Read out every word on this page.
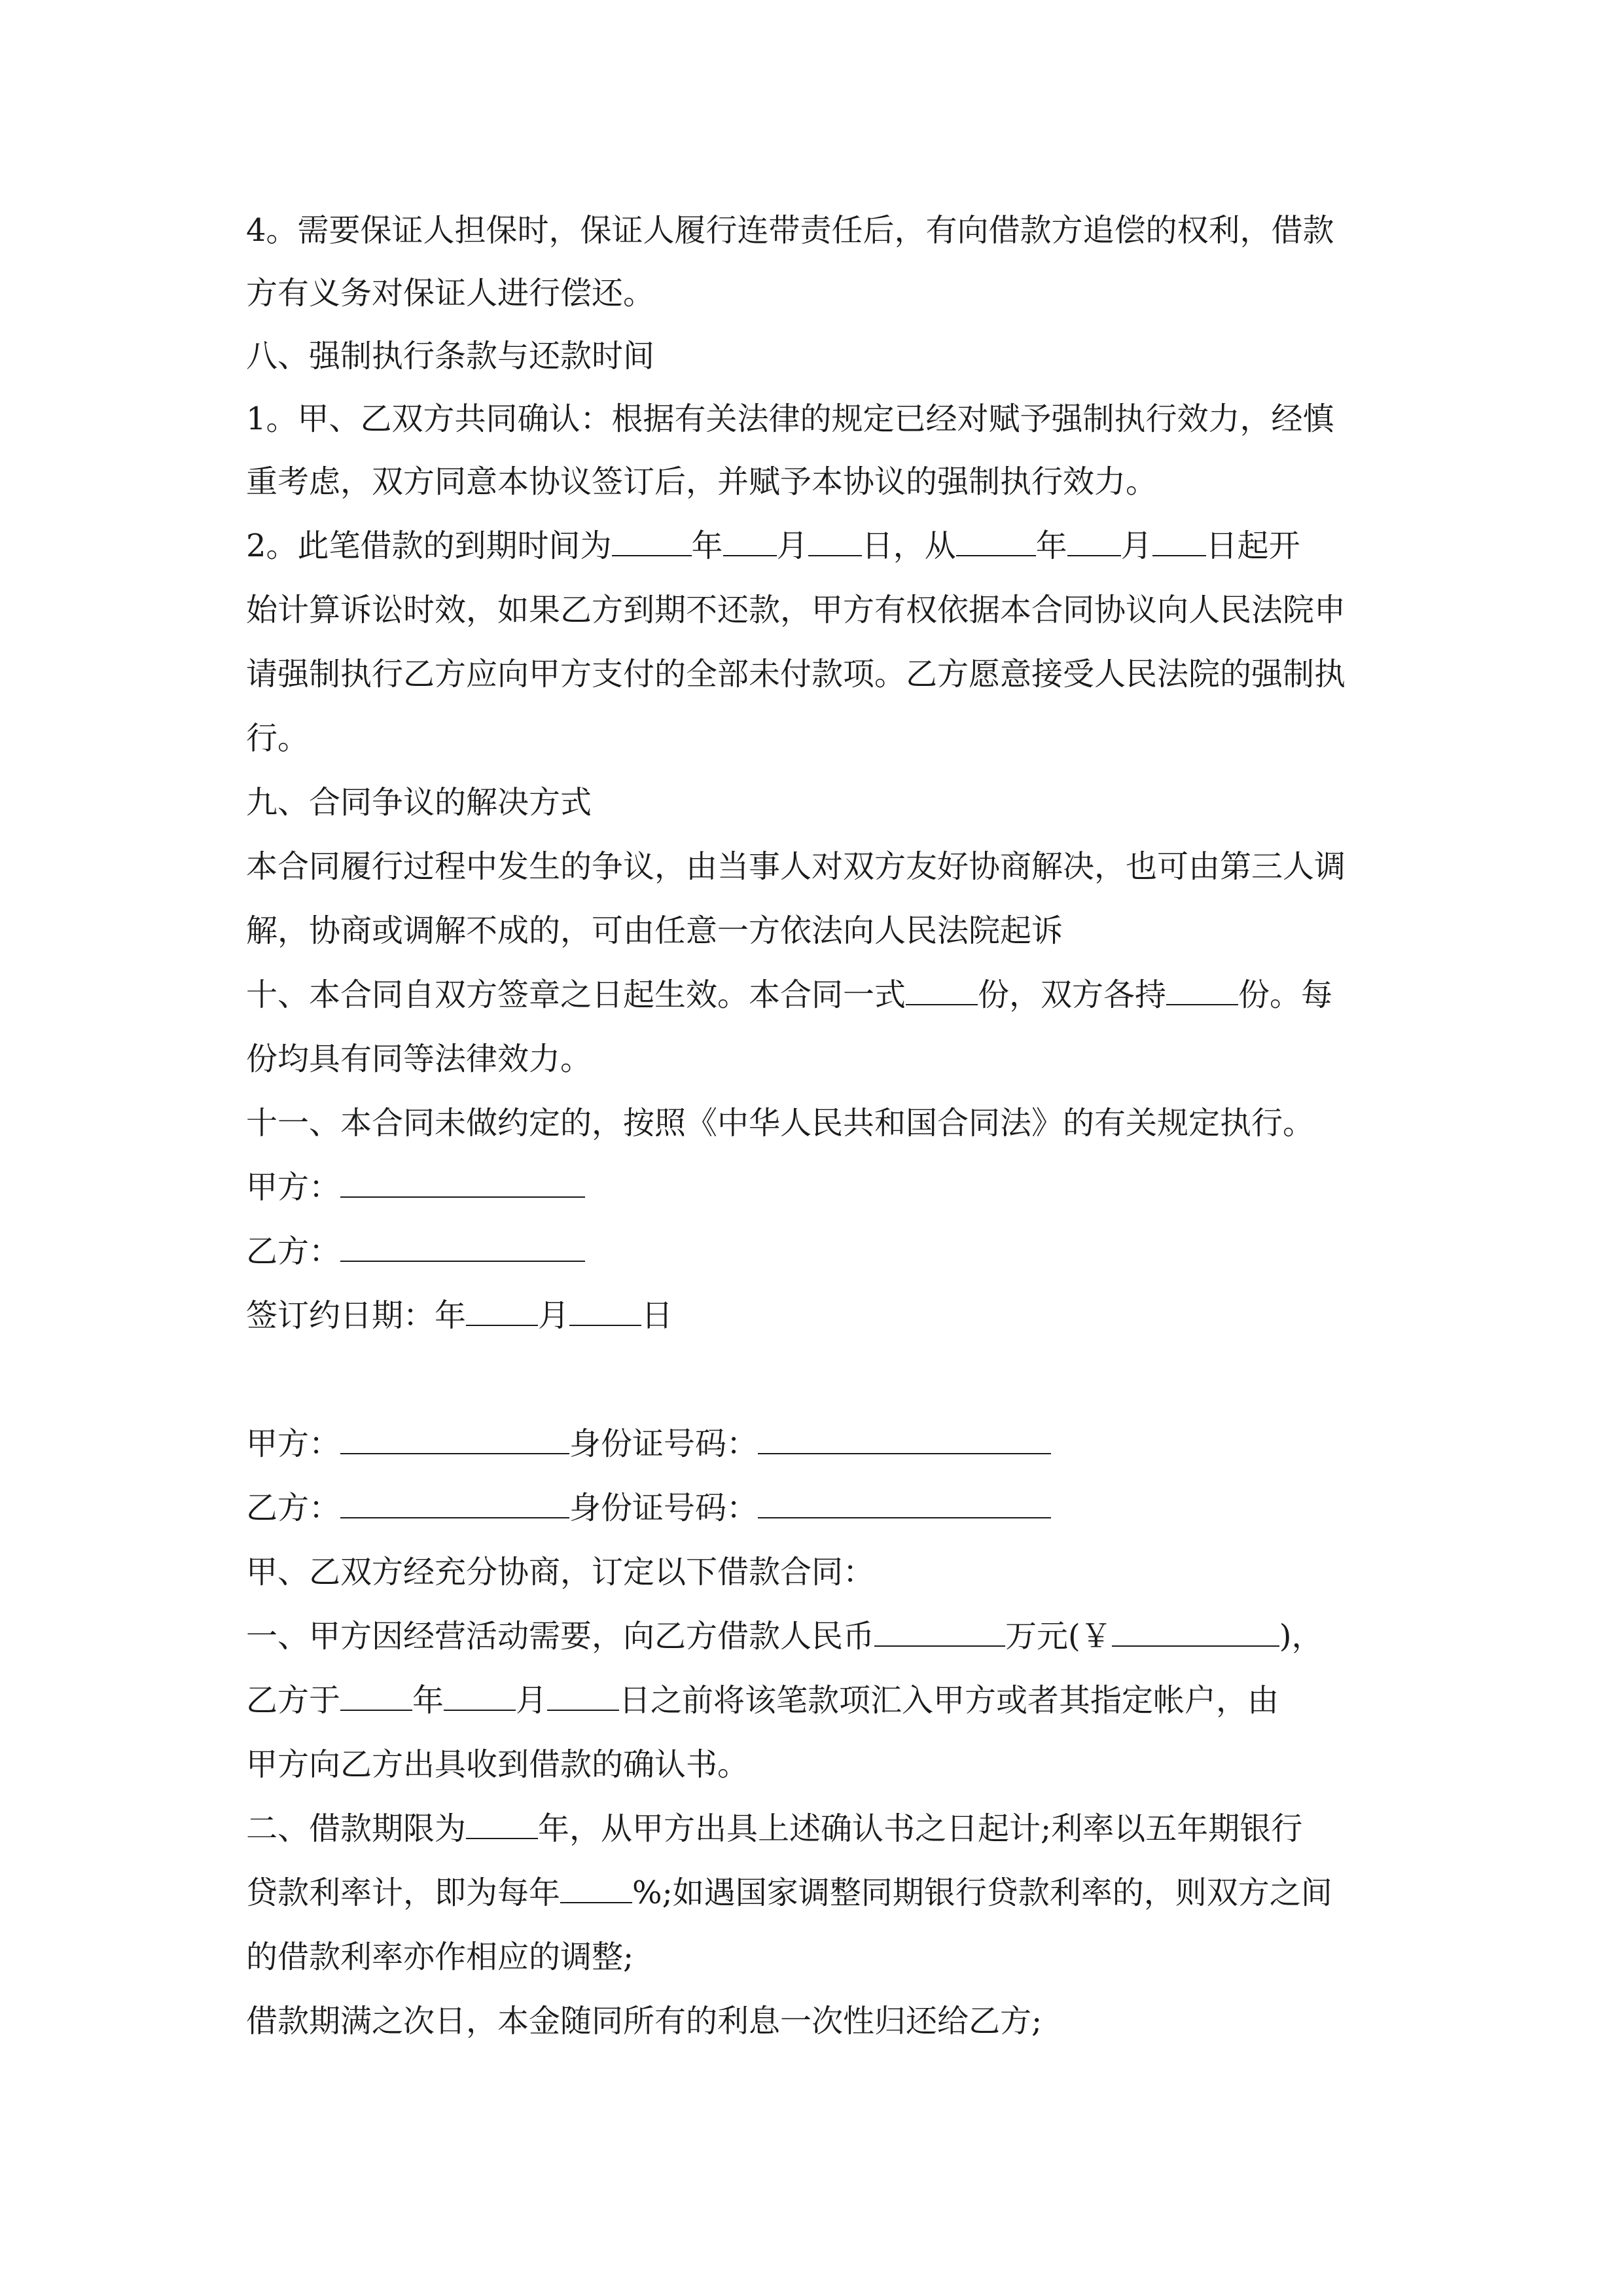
4。需要保证人担保时，保证人履行连带责任后，有向借款方追偿的权利，借款
方有义务对保证人进行偿还。
八、强制执行条款与还款时间
1。甲、乙双方共同确认：根据有关法律的规定已经对赋予强制执行效力，经慎
重考虑，双方同意本协议签订后，并赋予本协议的强制执行效力。
2。此笔借款的到期时间为	年 月 日，从	年 月 日起开
始计算诉讼时效，如果乙方到期不还款，甲方有权依据本合同协议向人民法院申
请强制执行乙方应向甲方支付的全部未付款项。乙方愿意接受人民法院的强制执
行。
九、合同争议的解决方式
本合同履行过程中发生的争议，由当事人对双方友好协商解决，也可由第三人调
解，协商或调解不成的，可由任意一方依法向人民法院起诉
十、本合同自双方签章之日起生效。本合同一式 份，双方各持 份。每
份均具有同等法律效力。
十一、本合同未做约定的，按照《中华人民共和国合同法》的有关规定执行。
甲方：
乙方：
签订约日期：年 月 日
甲方：	身份证号码：
乙方：	身份证号码：
甲、乙双方经充分协商，订定以下借款合同：
一、甲方因经营活动需要，向乙方借款人民币	万元(￥	)，
乙方于 年 月 日之前将该笔款项汇入甲方或者其指定帐户，由
甲方向乙方出具收到借款的确认书。
二、借款期限为 年，从甲方出具上述确认书之日起计;利率以五年期银行
贷款利率计，即为每年 %;如遇国家调整同期银行贷款利率的，则双方之间
的借款利率亦作相应的调整;
借款期满之次日，本金随同所有的利息一次性归还给乙方;
